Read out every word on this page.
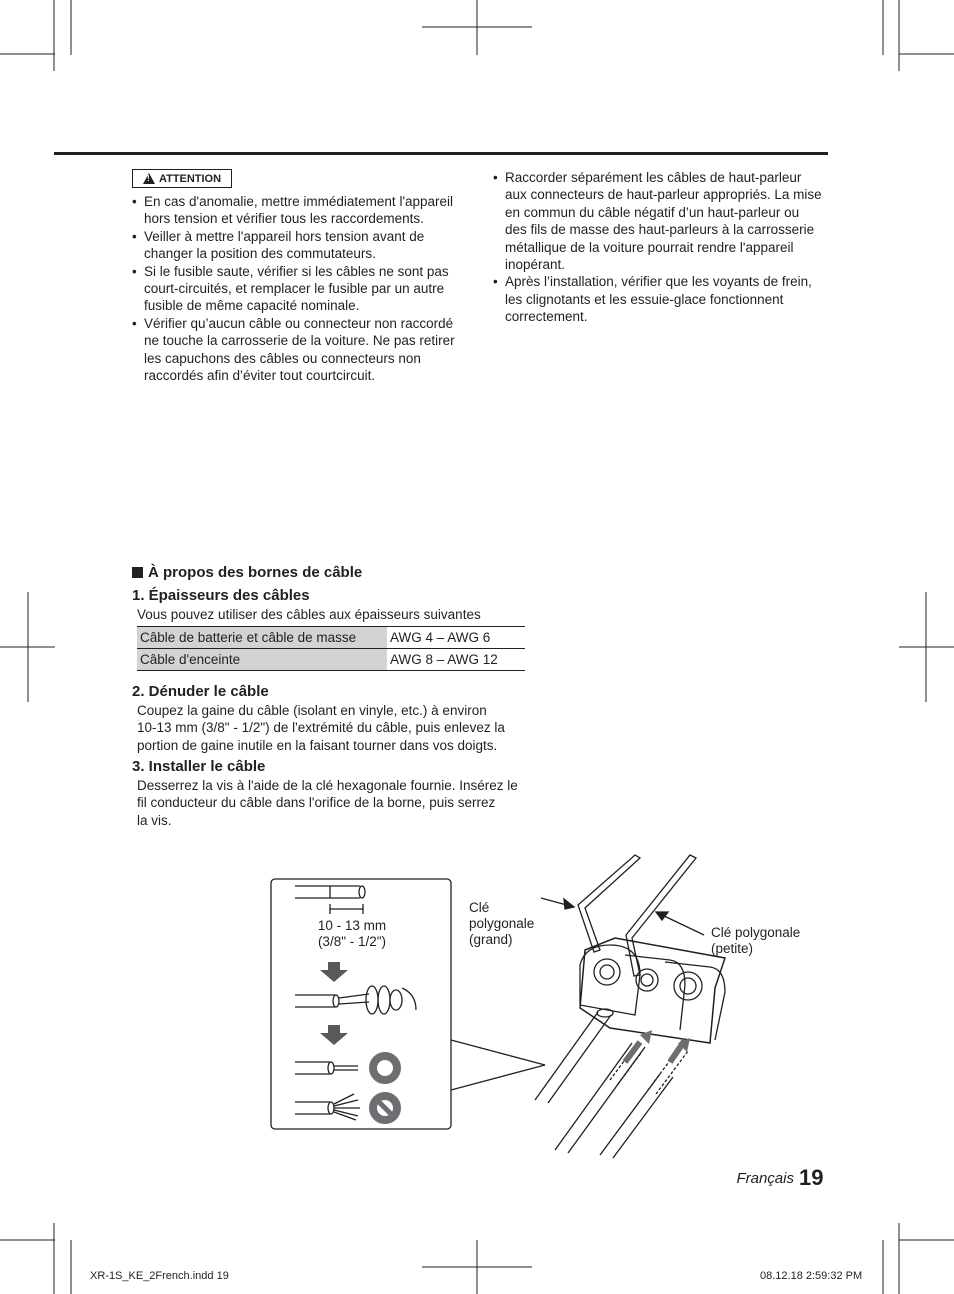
! ATTENTION
• En cas d'anomalie, mettre immédiatement l'appareil hors tension et vérifier tous les raccordements.
• Veiller à mettre l'appareil hors tension avant de changer la position des commutateurs.
• Si le fusible saute, vérifier si les câbles ne sont pas court-circuités, et remplacer le fusible par un autre fusible de même capacité nominale.
• Vérifier qu’aucun câble ou connecteur non raccordé ne touche la carrosserie de la voiture. Ne pas retirer les capuchons des câbles ou connecteurs non raccordés afin d’éviter tout courtcircuit.
• Raccorder séparément les câbles de haut-parleur aux connecteurs de haut-parleur appropriés. La mise en commun du câble négatif d’un haut-parleur ou des fils de masse des haut-parleurs à la carrosserie métallique de la voiture pourrait rendre l'appareil inopérant.
• Après l’installation, vérifier que les voyants de frein, les clignotants et les essuie-glace fonctionnent correctement.
À propos des bornes de câble
1. Épaisseurs des câbles
Vous pouvez utiliser des câbles aux épaisseurs suivantes
Câble de batterie et câble de masse	AWG 4 – AWG 6
Câble d'enceinte	AWG 8 – AWG 12
2. Dénuder le câble
Coupez la gaine du câble (isolant en vinyle, etc.) à environ
10-13 mm (3/8" - 1/2") de l'extrémité du câble, puis enlevez la
portion de gaine inutile en la faisant tourner dans vos doigts.
3. Installer le câble
Desserrez la vis à l'aide de la clé hexagonale fournie. Insérez le
fil conducteur du câble dans l'orifice de la borne, puis serrez
la vis.
10 - 13 mm
(3/8" - 1/2")
Clé
polygonale
(grand)	Clé polygonale
(petite)
Français 19
XR-1S_KE_2French.indd 19	08.12.18 2:59:32 PM
